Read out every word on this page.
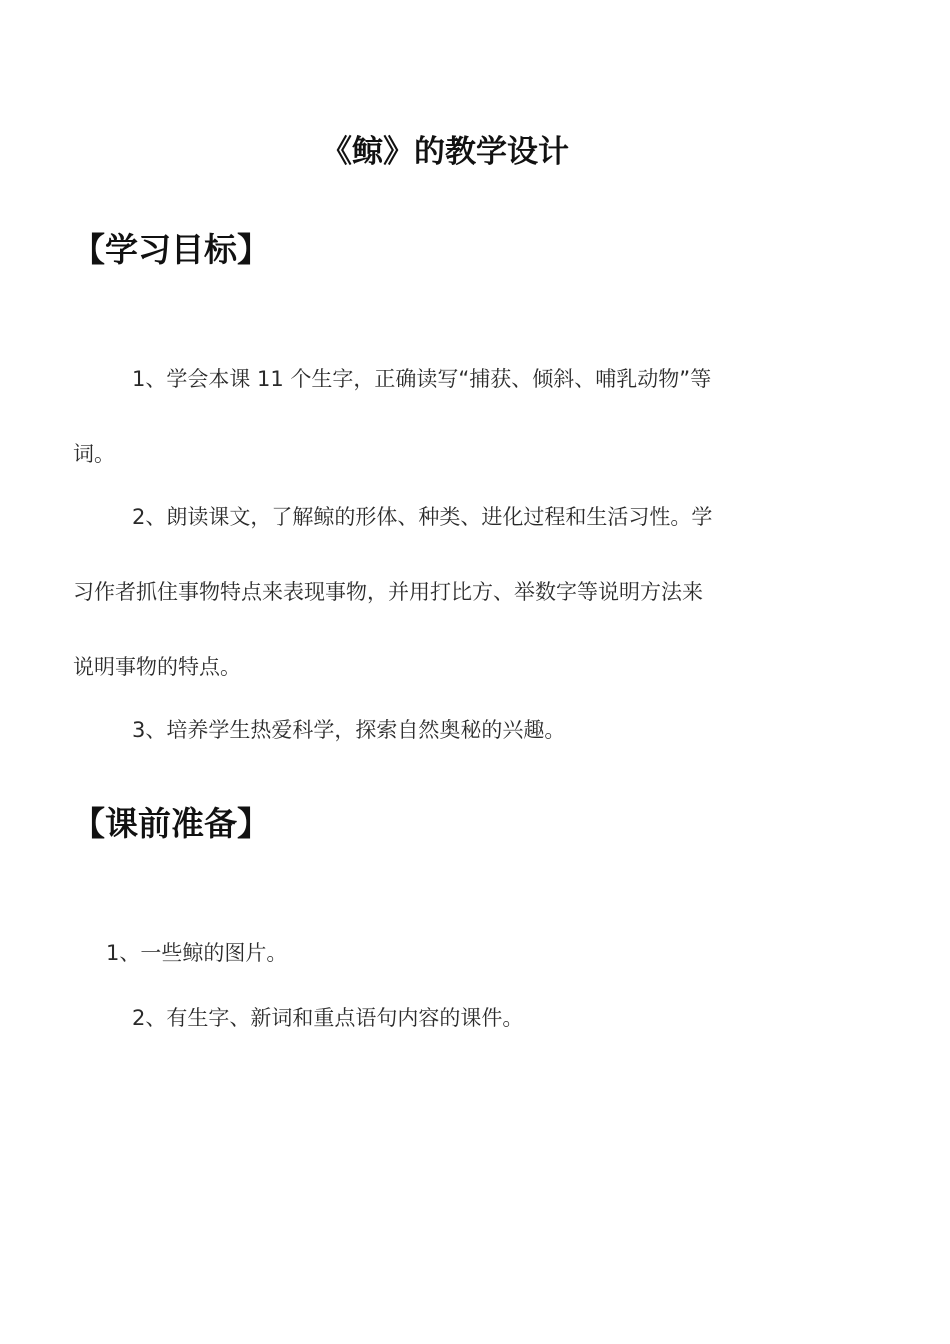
《鲸》的教学设计
【学习目标】
1、学会本课 11 个生字，正确读写“捕获、倾斜、哺乳动物”等
词。
2、朗读课文，了解鲸的形体、种类、进化过程和生活习性。学
习作者抓住事物特点来表现事物，并用打比方、举数字等说明方法来
说明事物的特点。
3、培养学生热爱科学，探索自然奥秘的兴趣。
【课前准备】
1、一些鲸的图片。
2、有生字、新词和重点语句内容的课件。
